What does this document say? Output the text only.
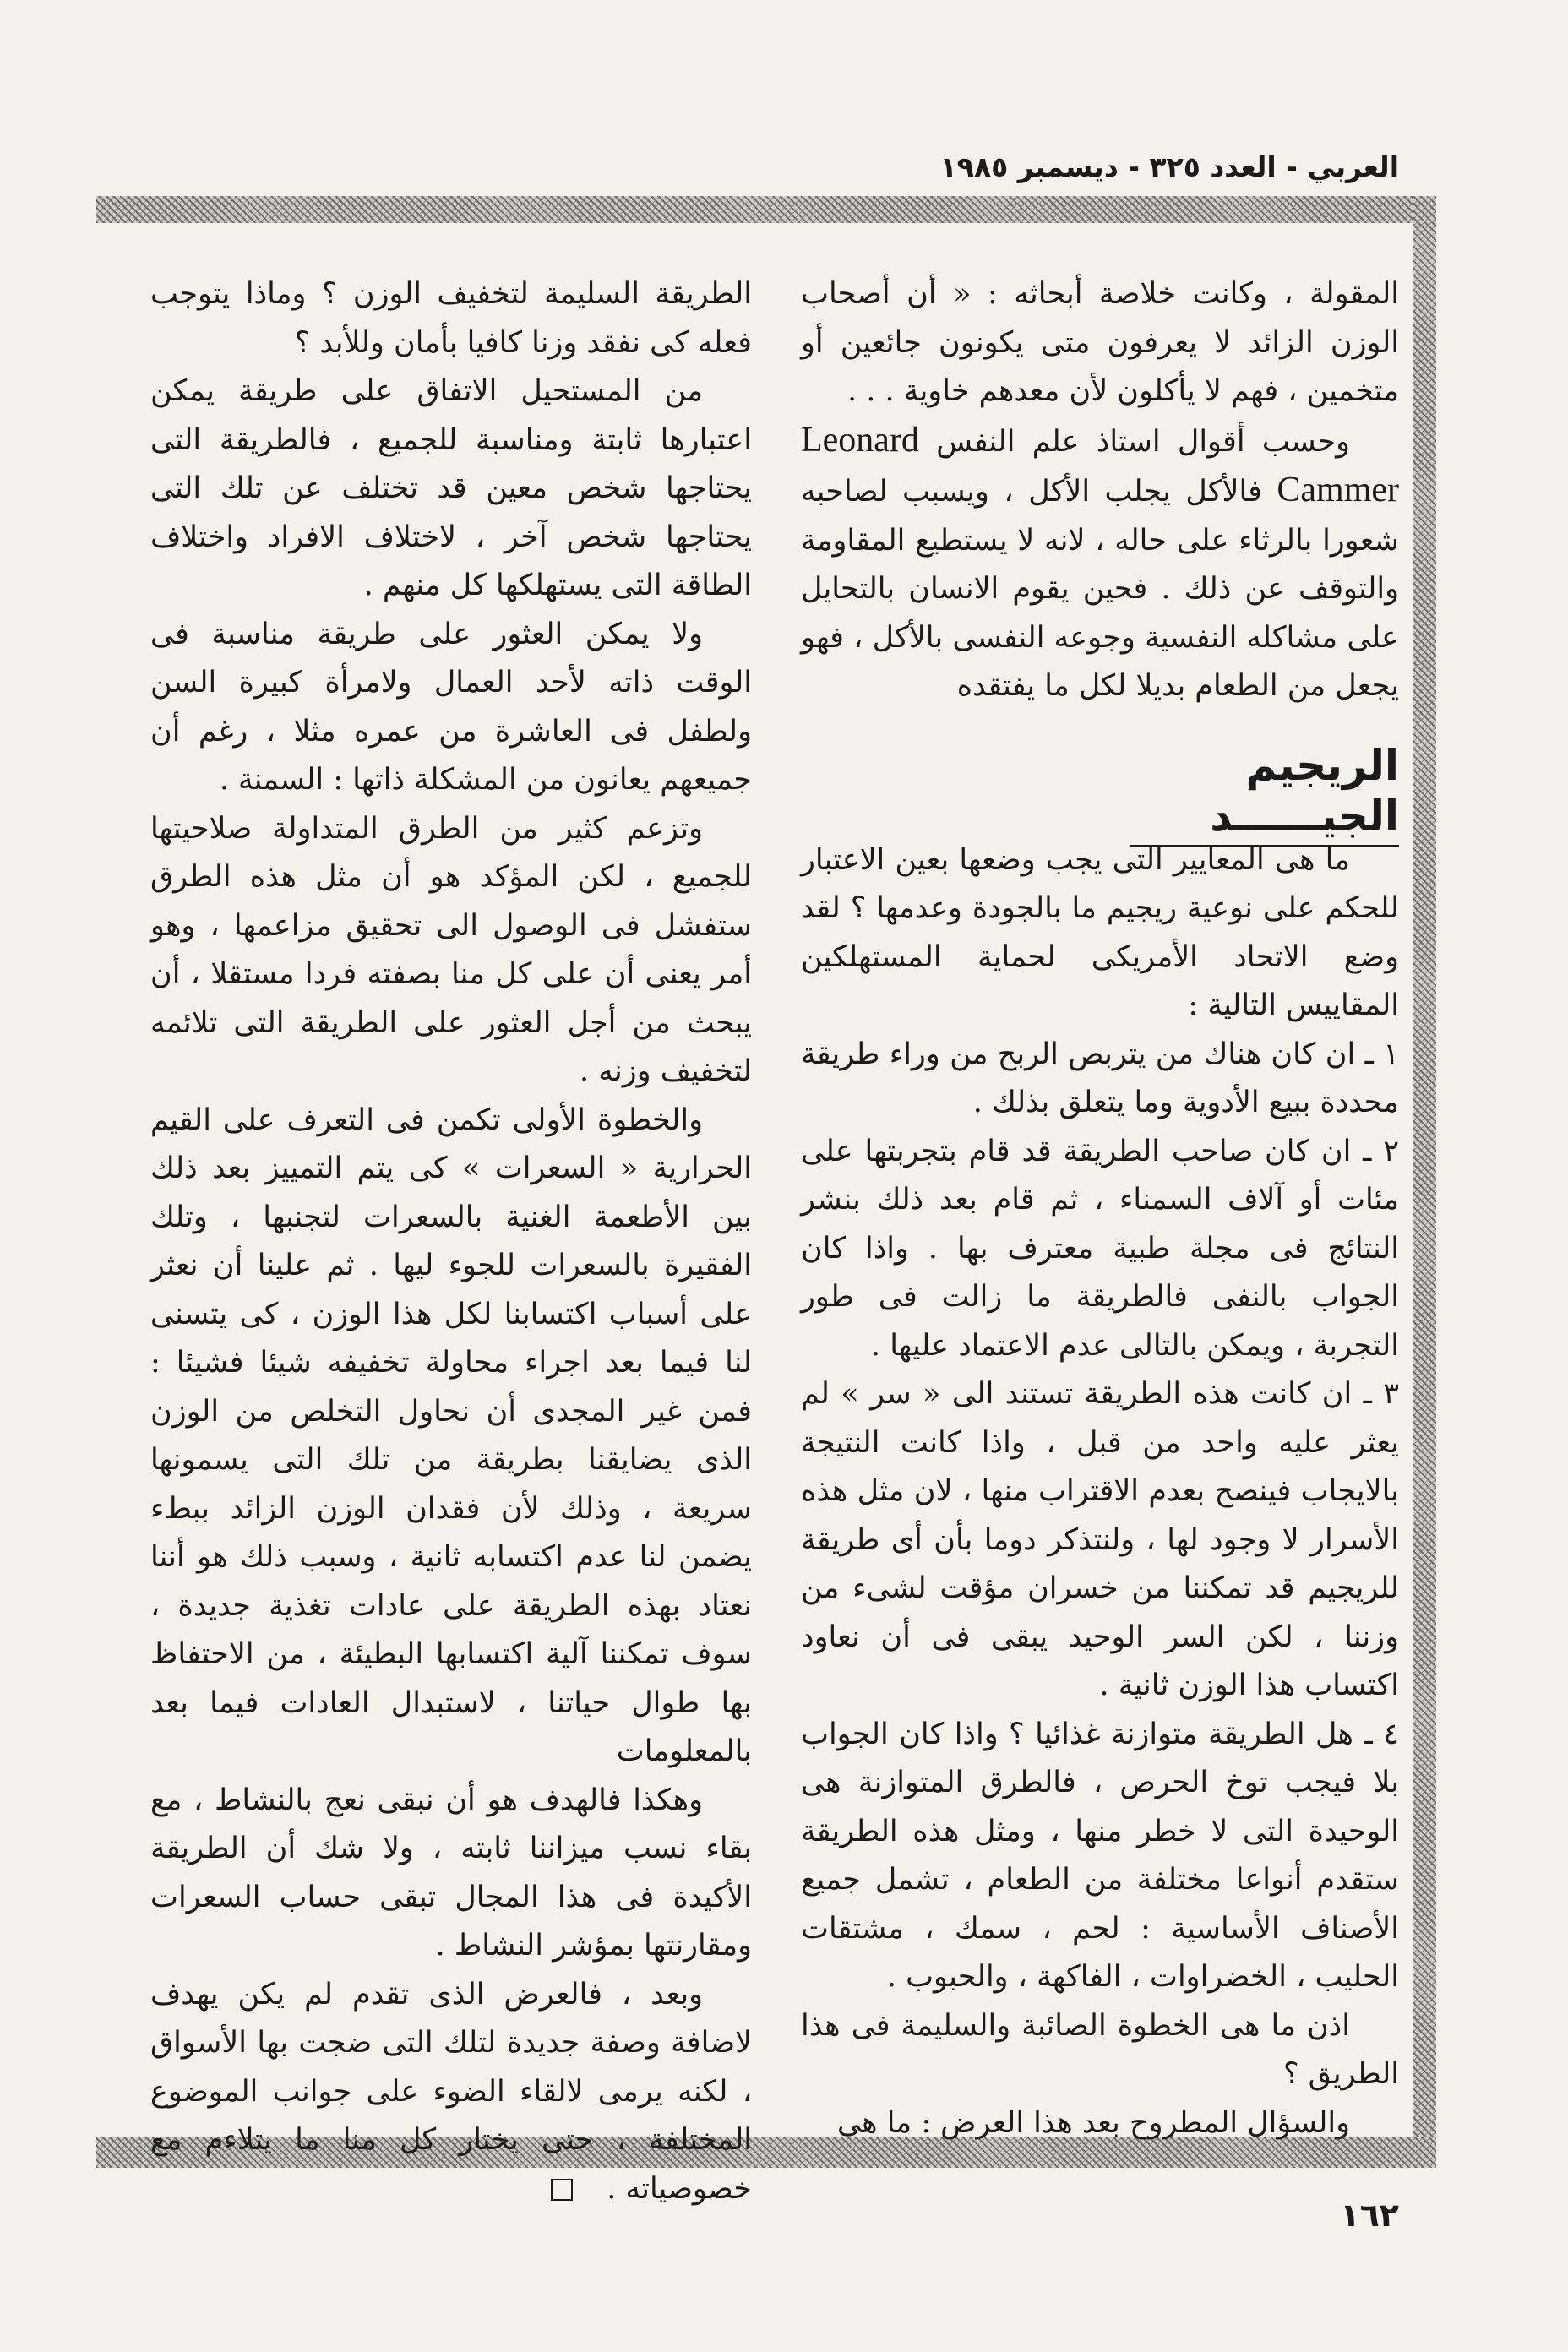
العربي - العدد ٣٢٥ - ديسمبر ١٩٨٥

المقولة ، وكانت خلاصة أبحاثه : « أن أصحاب الوزن الزائد لا يعرفون متى يكونون جائعين أو متخمين ، فهم لا يأكلون لأن معدهم خاوية . . .

وحسب أقوال استاذ علم النفس Leonard Cammer فالأكل يجلب الأكل ، ويسبب لصاحبه شعورا بالرثاء على حاله ، لانه لا يستطيع المقاومة والتوقف عن ذلك . فحين يقوم الانسان بالتحايل على مشاكله النفسية وجوعه النفسى بالأكل ، فهو يجعل من الطعام بديلا لكل ما يفتقده

الريجيم الجيــــــد

ما هى المعايير التى يجب وضعها بعين الاعتبار للحكم على نوعية ريجيم ما بالجودة وعدمها ؟ لقد وضع الاتحاد الأمريكى لحماية المستهلكين المقاييس التالية :

١ ـ ان كان هناك من يتربص الربح من وراء طريقة محددة ببيع الأدوية وما يتعلق بذلك .

٢ ـ ان كان صاحب الطريقة قد قام بتجربتها على مئات أو آلاف السمناء ، ثم قام بعد ذلك بنشر النتائج فى مجلة طبية معترف بها . واذا كان الجواب بالنفى فالطريقة ما زالت فى طور التجربة ، ويمكن بالتالى عدم الاعتماد عليها .

٣ ـ ان كانت هذه الطريقة تستند الى « سر » لم يعثر عليه واحد من قبل ، واذا كانت النتيجة بالايجاب فينصح بعدم الاقتراب منها ، لان مثل هذه الأسرار لا وجود لها ، ولنتذكر دوما بأن أى طريقة للريجيم قد تمكننا من خسران مؤقت لشىء من وزننا ، لكن السر الوحيد يبقى فى أن نعاود اكتساب هذا الوزن ثانية .

٤ ـ هل الطريقة متوازنة غذائيا ؟ واذا كان الجواب بلا فيجب توخ الحرص ، فالطرق المتوازنة هى الوحيدة التى لا خطر منها ، ومثل هذه الطريقة ستقدم أنواعا مختلفة من الطعام ، تشمل جميع الأصناف الأساسية : لحم ، سمك ، مشتقات الحليب ، الخضراوات ، الفاكهة ، والحبوب .

اذن ما هى الخطوة الصائبة والسليمة فى هذا الطريق ؟

والسؤال المطروح بعد هذا العرض : ما هى

الطريقة السليمة لتخفيف الوزن ؟ وماذا يتوجب فعله كى نفقد وزنا كافيا بأمان وللأبد ؟

من المستحيل الاتفاق على طريقة يمكن اعتبارها ثابتة ومناسبة للجميع ، فالطريقة التى يحتاجها شخص معين قد تختلف عن تلك التى يحتاجها شخص آخر ، لاختلاف الافراد واختلاف الطاقة التى يستهلكها كل منهم .

ولا يمكن العثور على طريقة مناسبة فى الوقت ذاته لأحد العمال ولامرأة كبيرة السن ولطفل فى العاشرة من عمره مثلا ، رغم أن جميعهم يعانون من المشكلة ذاتها : السمنة .

وتزعم كثير من الطرق المتداولة صلاحيتها للجميع ، لكن المؤكد هو أن مثل هذه الطرق ستفشل فى الوصول الى تحقيق مزاعمها ، وهو أمر يعنى أن على كل منا بصفته فردا مستقلا ، أن يبحث من أجل العثور على الطريقة التى تلائمه لتخفيف وزنه .

والخطوة الأولى تكمن فى التعرف على القيم الحرارية « السعرات » كى يتم التمييز بعد ذلك بين الأطعمة الغنية بالسعرات لتجنبها ، وتلك الفقيرة بالسعرات للجوء ليها . ثم علينا أن نعثر على أسباب اكتسابنا لكل هذا الوزن ، كى يتسنى لنا فيما بعد اجراء محاولة تخفيفه شيئا فشيئا : فمن غير المجدى أن نحاول التخلص من الوزن الذى يضايقنا بطريقة من تلك التى يسمونها سريعة ، وذلك لأن فقدان الوزن الزائد ببطء يضمن لنا عدم اكتسابه ثانية ، وسبب ذلك هو أننا نعتاد بهذه الطريقة على عادات تغذية جديدة ، سوف تمكننا آلية اكتسابها البطيئة ، من الاحتفاظ بها طوال حياتنا ، لاستبدال العادات فيما بعد بالمعلومات

وهكذا فالهدف هو أن نبقى نعج بالنشاط ، مع بقاء نسب ميزاننا ثابته ، ولا شك أن الطريقة الأكيدة فى هذا المجال تبقى حساب السعرات ومقارنتها بمؤشر النشاط .

وبعد ، فالعرض الذى تقدم لم يكن يهدف لاضافة وصفة جديدة لتلك التى ضجت بها الأسواق ، لكنه يرمى لالقاء الضوء على جوانب الموضوع المختلفة ، حتى يختار كل منا ما يتلاءم مع خصوصياته .

١٦٢
